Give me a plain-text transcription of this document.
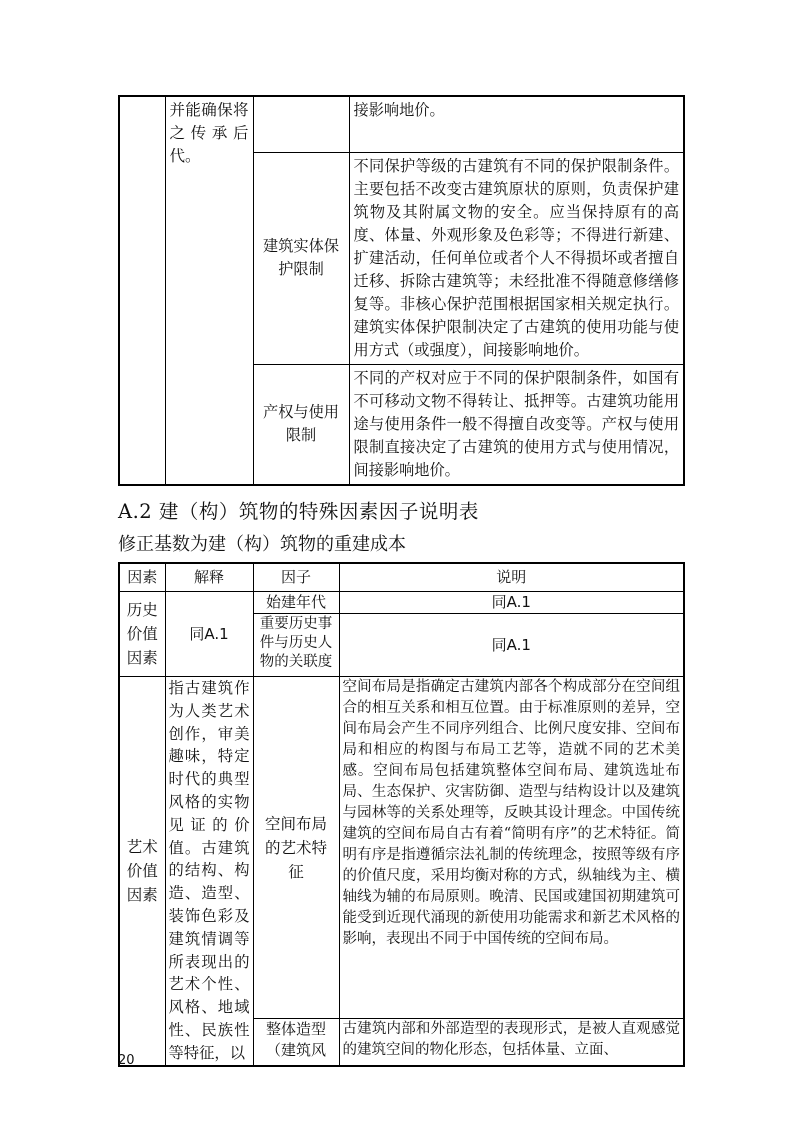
	并能确保将之传承后代。		接影响地价。
		建筑实体保护限制	不同保护等级的古建筑有不同的保护限制条件。主要包括不改变古建筑原状的原则，负责保护建筑物及其附属文物的安全。应当保持原有的高度、体量、外观形象及色彩等；不得进行新建、扩建活动，任何单位或者个人不得损坏或者擅自迁移、拆除古建筑等；未经批准不得随意修缮修复等。非核心保护范围根据国家相关规定执行。建筑实体保护限制决定了古建筑的使用功能与使用方式（或强度），间接影响地价。
		产权与使用限制	不同的产权对应于不同的保护限制条件，如国有不可移动文物不得转让、抵押等。古建筑功能用途与使用条件一般不得擅自改变等。产权与使用限制直接决定了古建筑的使用方式与使用情况，间接影响地价。
A.2 建（构）筑物的特殊因素因子说明表
修正基数为建（构）筑物的重建成本
因素	解释	因子	说明
历史价值因素	同A.1	始建年代	同A.1
		重要历史事件与历史人物的关联度	同A.1
艺术价值因素	指古建筑作为人类艺术创作，审美趣味，特定时代的典型风格的实物见证的价值。古建筑的结构、构造、造型、装饰色彩及建筑情调等所表现出的艺术个性、风格、地域性、民族性等特征，以	空间布局的艺术特征	空间布局是指确定古建筑内部各个构成部分在空间组合的相互关系和相互位置。由于标准原则的差异，空间布局会产生不同序列组合、比例尺度安排、空间布局和相应的构图与布局工艺等，造就不同的艺术美感。空间布局包括建筑整体空间布局、建筑选址布局、生态保护、灾害防御、造型与结构设计以及建筑与园林等的关系处理等，反映其设计理念。中国传统建筑的空间布局自古有着“简明有序”的艺术特征。简明有序是指遵循宗法礼制的传统理念，按照等级有序的价值尺度，采用均衡对称的方式，纵轴线为主、横轴线为辅的布局原则。晚清、民国或建国初期建筑可能受到近现代涌现的新使用功能需求和新艺术风格的影响，表现出不同于中国传统的空间布局。
		整体造型（建筑风	古建筑内部和外部造型的表现形式，是被人直观感觉的建筑空间的物化形态，包括体量、立面、
20
